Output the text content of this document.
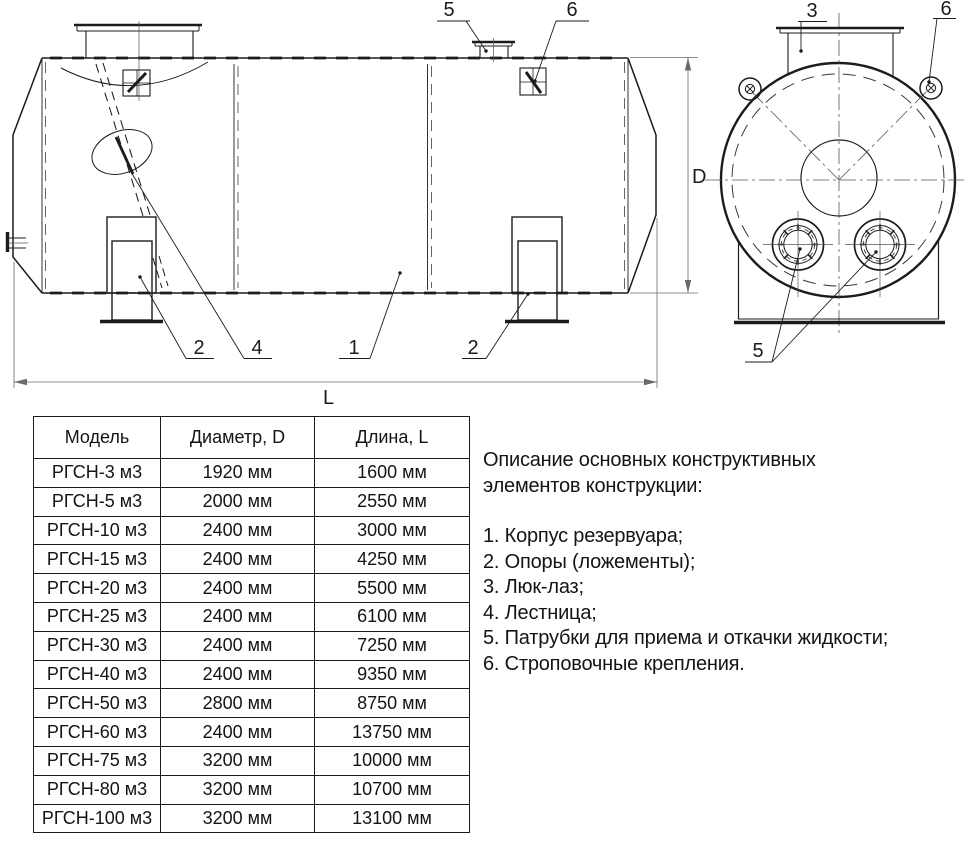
5	6
2 4	1	2
L
D
3	6
5
Модель	Диаметр, D	Длина, L
РГСН-3 м3	1920 мм	1600 мм
РГСН-5 м3	2000 мм	2550 мм
РГСН-10 м3	2400 мм	3000 мм
РГСН-15 м3	2400 мм	4250 мм
РГСН-20 м3	2400 мм	5500 мм
РГСН-25 м3	2400 мм	6100 мм
РГСН-30 м3	2400 мм	7250 мм
РГСН-40 м3	2400 мм	9350 мм
РГСН-50 м3	2800 мм	8750 мм
РГСН-60 м3	2400 мм	13750 мм
РГСН-75 м3	3200 мм	10000 мм
РГСН-80 м3	3200 мм	10700 мм
РГСН-100 м3	3200 мм	13100 мм
Описание основных конструктивных
элементов конструкции:
1. Корпус резервуара;
2. Опоры (ложементы);
3. Люк-лаз;
4. Лестница;
5. Патрубки для приема и откачки жидкости;
6. Строповочные крепления.
